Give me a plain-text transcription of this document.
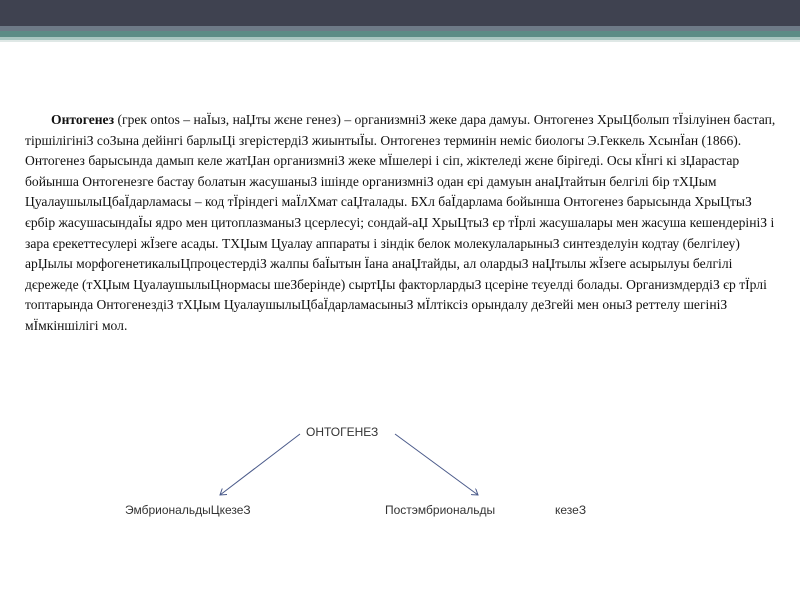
Онтогенез (грек ontos – наЇыз, наЏты жєне генез) – организмніЗ жеке дара дамуы. Онтогенез ХрыЦболып тЇзілуінен бастап, тіршілігініЗ соЗына дейінгі барлыЦі згерістердіЗ жиынтыЇы. Онтогенез терминін неміс биологы Э.Геккель ХсынЇан (1866). Онтогенез барысында дамып келе жатЏан организмніЗ жеке мЇшелері і сіп, жіктеледі жєне бірігеді. Осы кЇнгі кі зЏарастар бойынша Онтогенезге бастау болатын жасушаныЗ ішінде организмніЗ одан єрі дамуын анаЏтайтын белгілі бір тХЏым ЦуалаушылыЦбаЇдарламасы – код тЇріндегі маЇлХмат саЏталады. БХл баЇдарлама бойынша Онтогенез барысында ХрыЦтыЗ єрбір жасушасындаЇы ядро мен цитоплазманыЗ цсерлесуі; сондай-аЏ ХрыЦтыЗ єр тЇрлі жасушалары мен жасуша кешендерініЗ і зара єрекеттесулері жЇзеге асады. ТХЏым Цуалау аппараты і зіндік белок молекулаларыныЗ синтезделуін кодтау (белгілеу) арЏылы морфогенетикалыЦпроцестердіЗ жалпы баЇытын Їана анаЏтайды, ал олардыЗ наЏтылы жЇзеге асырылуы белгілі дєрежеде (тХЏым ЦуалаушылыЦнормасы шеЗберінде) сыртЏы факторлардыЗ цсеріне тєуелді болады. ОрганизмдердіЗ єр тЇрлі топтарында ОнтогенездіЗ тХЏым ЦуалаушылыЦбаЇдарламасыныЗ мЇлтіксіз орындалу деЗгейі мен оныЗ реттелу шегініЗ мЇмкіншілігі мол.

ОНТОГЕНЕЗ
ЭмбриональдыЦкезеЗ	Постэмбриональды	кезеЗ
